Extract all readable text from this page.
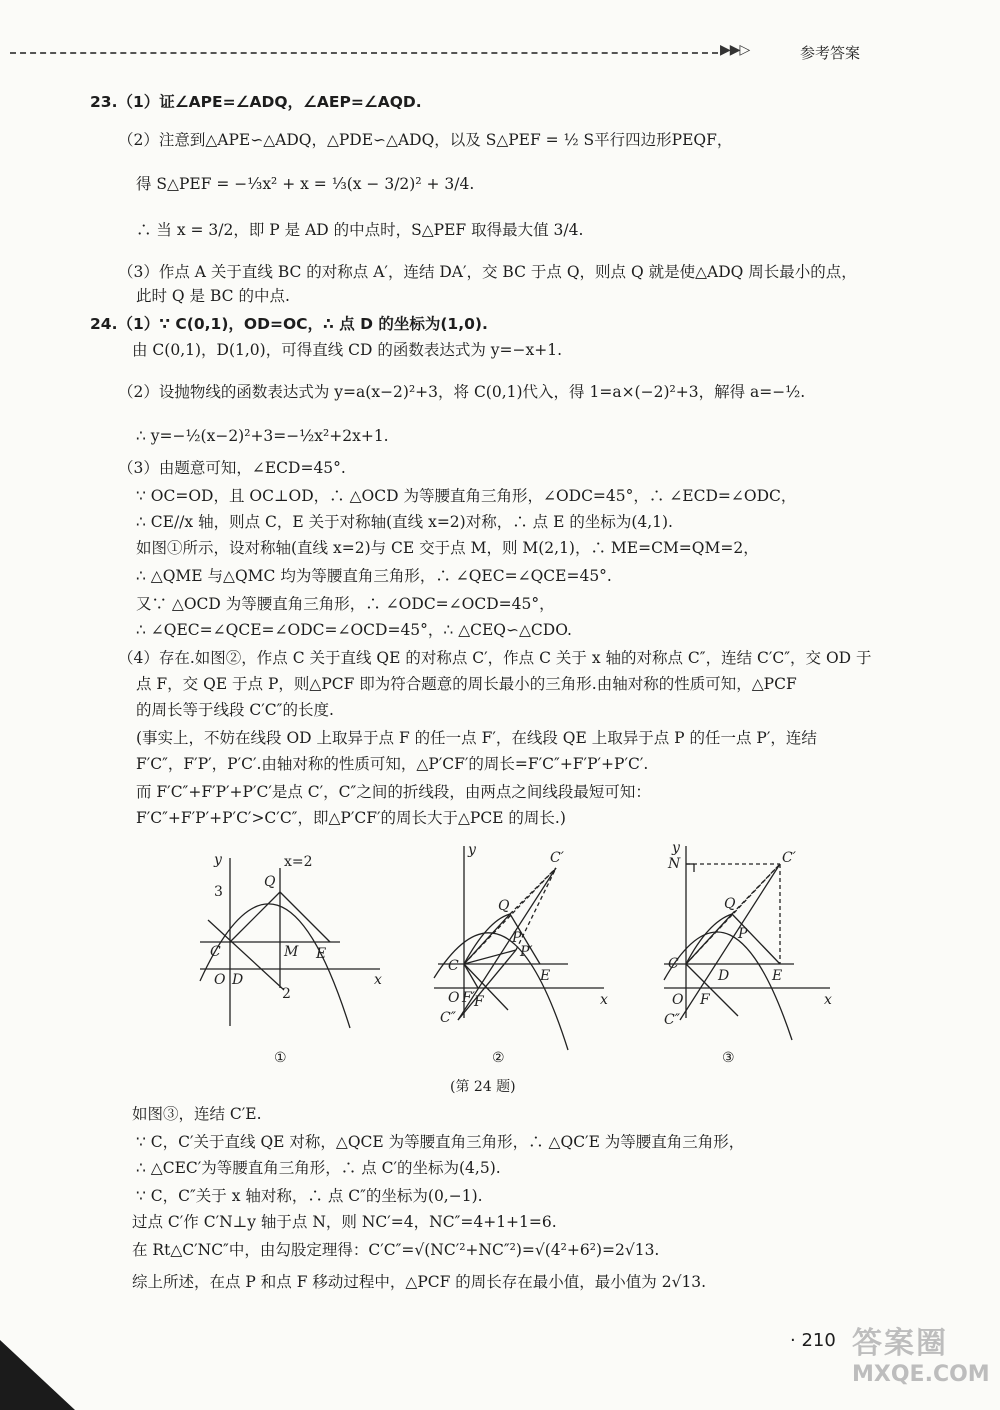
▶▶▷	参考答案
23.（1）证∠APE=∠ADQ，∠AEP=∠AQD.
（2）注意到△APE∽△ADQ，△PDE∽△ADQ，以及 S△PEF = ½ S平行四边形PEQF，
得 S△PEF = −⅓x² + x = ⅓(x − 3/2)² + 3/4.
∴ 当 x = 3/2，即 P 是 AD 的中点时，S△PEF 取得最大值 3/4.
（3）作点 A 关于直线 BC 的对称点 A′，连结 DA′，交 BC 于点 Q，则点 Q 就是使△ADQ 周长最小的点，
此时 Q 是 BC 的中点.
24.（1）∵ C(0,1)，OD=OC，∴ 点 D 的坐标为(1,0).
由 C(0,1)，D(1,0)，可得直线 CD 的函数表达式为 y=−x+1.
（2）设抛物线的函数表达式为 y=a(x−2)²+3，将 C(0,1)代入，得 1=a×(−2)²+3，解得 a=−½.
∴ y=−½(x−2)²+3=−½x²+2x+1.
（3）由题意可知，∠ECD=45°.
∵ OC=OD，且 OC⊥OD，∴ △OCD 为等腰直角三角形，∠ODC=45°，∴ ∠ECD=∠ODC，
∴ CE//x 轴，则点 C，E 关于对称轴(直线 x=2)对称，∴ 点 E 的坐标为(4,1).
如图①所示，设对称轴(直线 x=2)与 CE 交于点 M，则 M(2,1)，∴ ME=CM=QM=2，
∴ △QME 与△QMC 均为等腰直角三角形，∴ ∠QEC=∠QCE=45°.
又∵ △OCD 为等腰直角三角形，∴ ∠ODC=∠OCD=45°，
∴ ∠QEC=∠QCE=∠ODC=∠OCD=45°，∴ △CEQ∽△CDO.
（4）存在.如图②，作点 C 关于直线 QE 的对称点 C′，作点 C 关于 x 轴的对称点 C″，连结 C′C″，交 OD 于
点 F，交 QE 于点 P，则△PCF 即为符合题意的周长最小的三角形.由轴对称的性质可知，△PCF
的周长等于线段 C′C″的长度.
(事实上，不妨在线段 OD 上取异于点 F 的任一点 F′，在线段 QE 上取异于点 P 的任一点 P′，连结
F′C″，F′P′，P′C′.由轴对称的性质可知，△P′CF′的周长=F′C″+F′P′+P′C′.
而 F′C″+F′P′+P′C′是点 C′，C″之间的折线段，由两点之间线段最短可知：
F′C″+F′P′+P′C′>C′C″，即△P′CF′的周长大于△PCE 的周长.)
y
x
x=2
3
Q
C	M E
O D
2
①
y
x
C′
Q
P
P′
C
E
O F′ F
C″
②
y
x
N	C′
Q
P
C
D	E
O F
C″
③
(第 24 题)
如图③，连结 C′E.
∵ C，C′关于直线 QE 对称，△QCE 为等腰直角三角形，∴ △QC′E 为等腰直角三角形，
∴ △CEC′为等腰直角三角形，∴ 点 C′的坐标为(4,5).
∵ C，C″关于 x 轴对称，∴ 点 C″的坐标为(0,−1).
过点 C′作 C′N⊥y 轴于点 N，则 NC′=4，NC″=4+1+1=6.
在 Rt△C′NC″中，由勾股定理得：C′C″=√(NC′²+NC″²)=√(4²+6²)=2√13.
综上所述，在点 P 和点 F 移动过程中，△PCF 的周长存在最小值，最小值为 2√13.
· 210 答案圈
MXQE.COM
